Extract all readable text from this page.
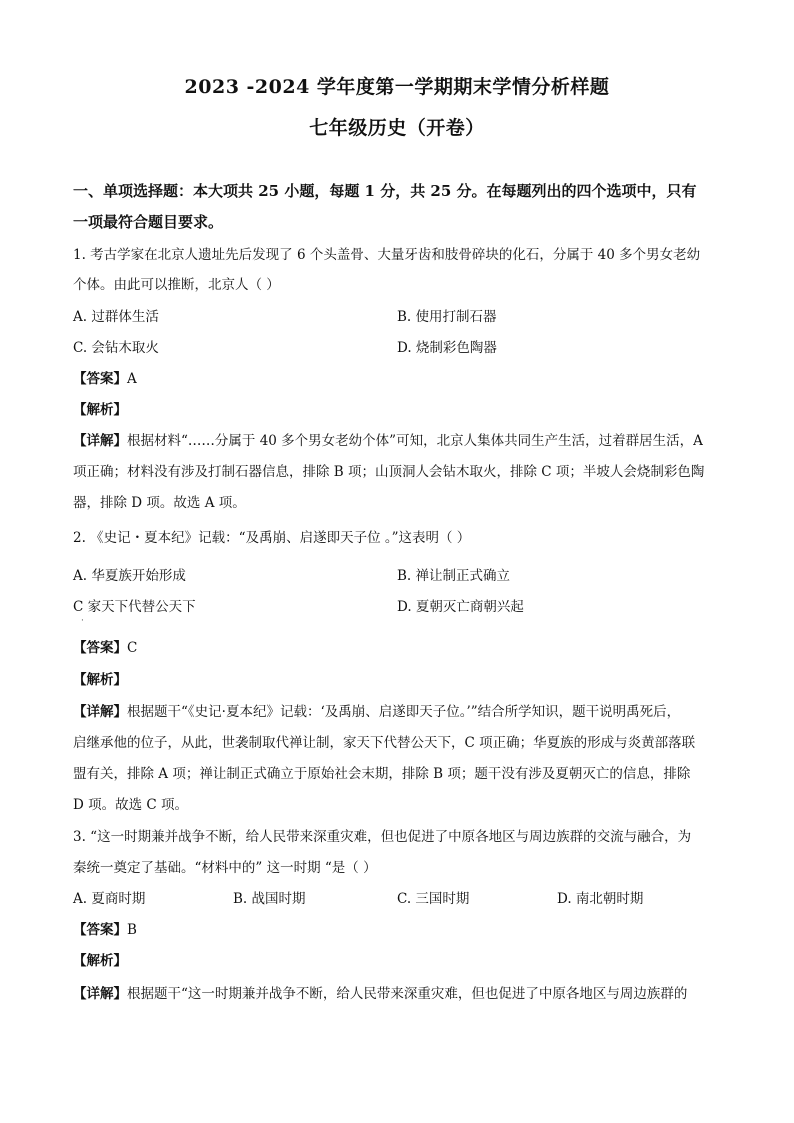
2023 -2024 学年度第一学期期末学情分析样题
七年级历史（开卷）
一、单项选择题：本大项共 25 小题，每题 1 分，共 25 分。在每题列出的四个选项中，只有
一项最符合题目要求。
1. 考古学家在北京人遗址先后发现了 6 个头盖骨、大量牙齿和肢骨碎块的化石，分属于 40 多个男女老幼
个体。由此可以推断，北京人（ ）
A. 过群体生活	B. 使用打制石器
C. 会钻木取火	D. 烧制彩色陶器
【答案】A
【解析】
【详解】根据材料“……分属于 40 多个男女老幼个体”可知，北京人集体共同生产生活，过着群居生活，A
项正确；材料没有涉及打制石器信息，排除 B 项；山顶洞人会钻木取火，排除 C 项；半坡人会烧制彩色陶
器，排除 D 项。故选 A 项。
2. 《史记・夏本纪》记载：“及禹崩、启遂即天子位 。”这表明（ ）
A. 华夏族开始形成	B. 禅让制正式确立
C 家天下代替公天下	D. 夏朝灭亡商朝兴起
·
【答案】C
【解析】
【详解】根据题干“《史记·夏本纪》记载：‘及禹崩、启遂即天子位。’”结合所学知识，题干说明禹死后，
启继承他的位子，从此，世袭制取代禅让制，家天下代替公天下，C 项正确；华夏族的形成与炎黄部落联
盟有关，排除 A 项；禅让制正式确立于原始社会末期，排除 B 项；题干没有涉及夏朝灭亡的信息，排除
D 项。故选 C 项。
3. “这一时期兼并战争不断，给人民带来深重灾难，但也促进了中原各地区与周边族群的交流与融合，为
秦统一奠定了基础。“材料中的” 这一时期 “是（ ）
A. 夏商时期	B. 战国时期	C. 三国时期	D. 南北朝时期
【答案】B
【解析】
【详解】根据题干“这一时期兼并战争不断，给人民带来深重灾难，但也促进了中原各地区与周边族群的
